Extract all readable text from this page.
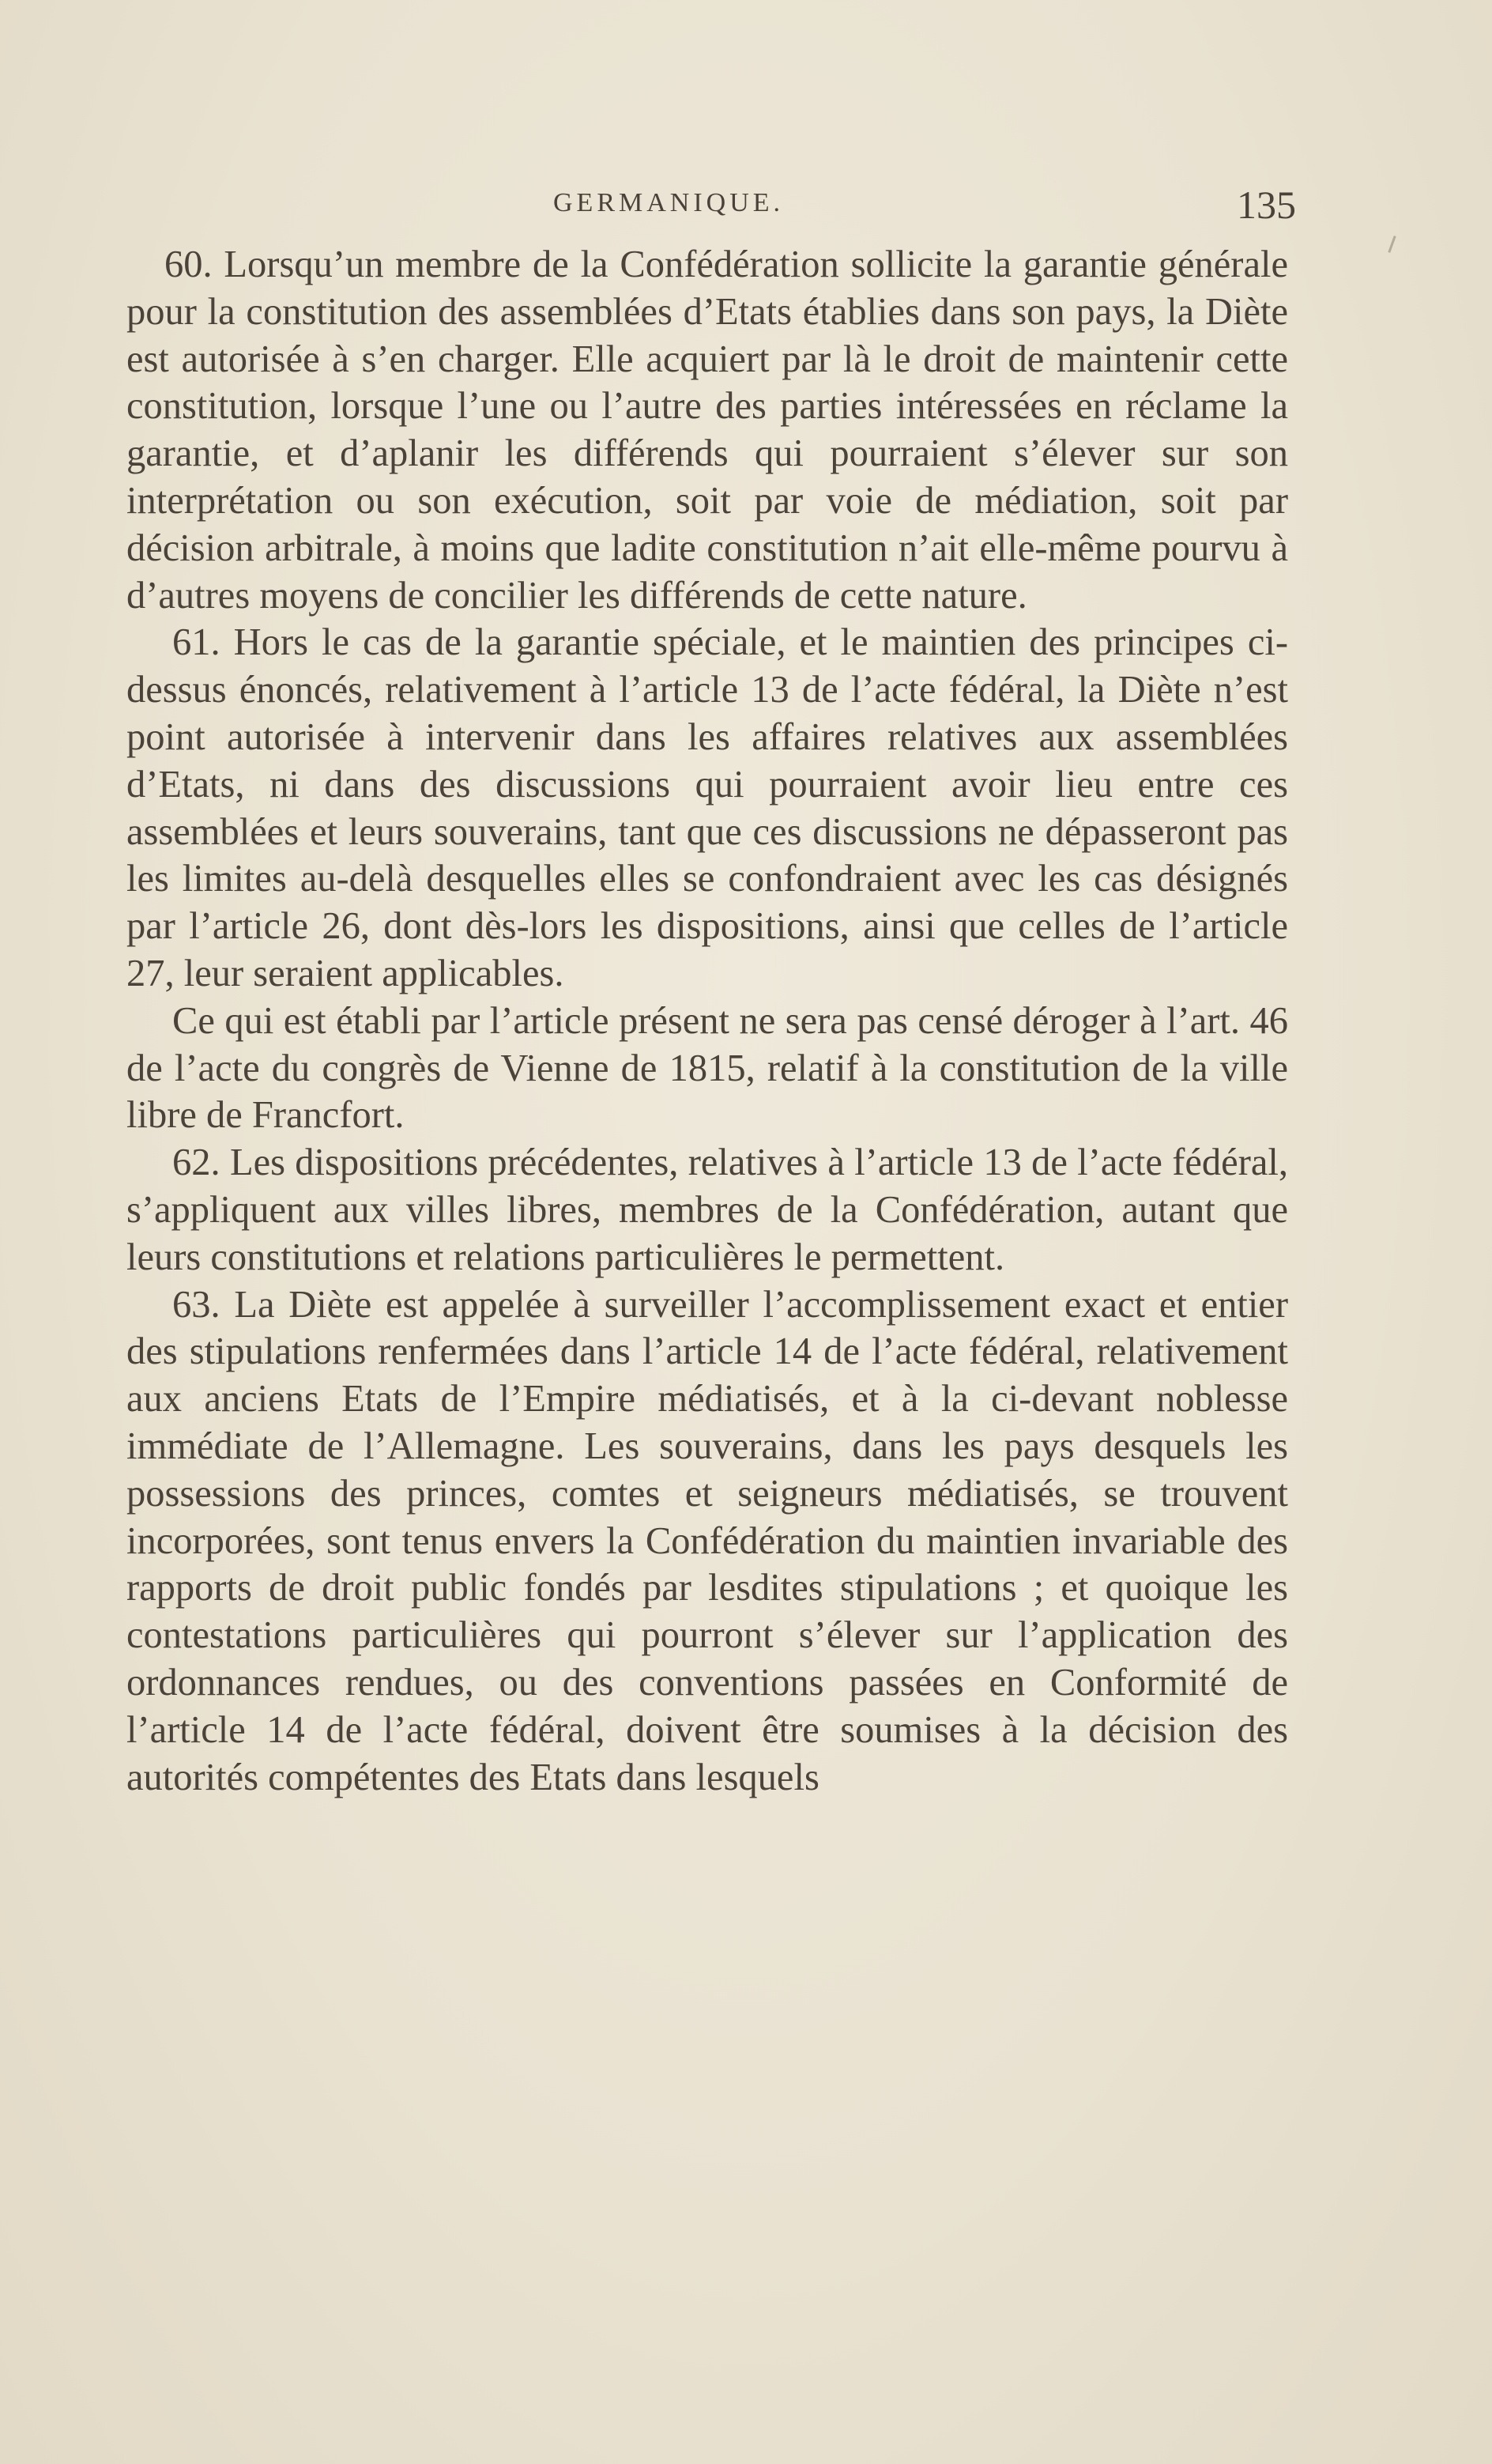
GERMANIQUE.	135

60. Lorsqu’un membre de la Confédération sollicite la garantie générale pour la constitution des assemblées d’Etats établies dans son pays, la Diète est autorisée à s’en charger. Elle acquiert par là le droit de maintenir cette constitution, lorsque l’une ou l’autre des parties intéressées en réclame la garantie, et d’aplanir les différends qui pourraient s’élever sur son interprétation ou son exécution, soit par voie de médiation, soit par décision arbitrale, à moins que ladite constitution n’ait elle-même pourvu à d’autres moyens de concilier les différends de cette nature.

61. Hors le cas de la garantie spéciale, et le maintien des principes ci-dessus énoncés, relativement à l’article 13 de l’acte fédéral, la Diète n’est point autorisée à intervenir dans les affaires relatives aux assemblées d’Etats, ni dans des discussions qui pourraient avoir lieu entre ces assemblées et leurs souverains, tant que ces discussions ne dépasseront pas les limites au-delà desquelles elles se confondraient avec les cas désignés par l’article 26, dont dès-lors les dispositions, ainsi que celles de l’article 27, leur seraient applicables.

Ce qui est établi par l’article présent ne sera pas censé déroger à l’art. 46 de l’acte du congrès de Vienne de 1815, relatif à la constitution de la ville libre de Francfort.

62. Les dispositions précédentes, relatives à l’article 13 de l’acte fédéral, s’appliquent aux villes libres, membres de la Confédération, autant que leurs constitutions et relations particulières le permettent.

63. La Diète est appelée à surveiller l’accomplissement exact et entier des stipulations renfermées dans l’article 14 de l’acte fédéral, relativement aux anciens Etats de l’Empire médiatisés, et à la ci-devant noblesse immédiate de l’Allemagne. Les souverains, dans les pays desquels les possessions des princes, comtes et seigneurs médiatisés, se trouvent incorporées, sont tenus envers la Confédération du maintien invariable des rapports de droit public fondés par lesdites stipulations ; et quoique les contestations particulières qui pourront s’élever sur l’application des ordonnances rendues, ou des conventions passées en Conformité de l’article 14 de l’acte fédéral, doivent être soumises à la décision des autorités compétentes des Etats dans lesquels
